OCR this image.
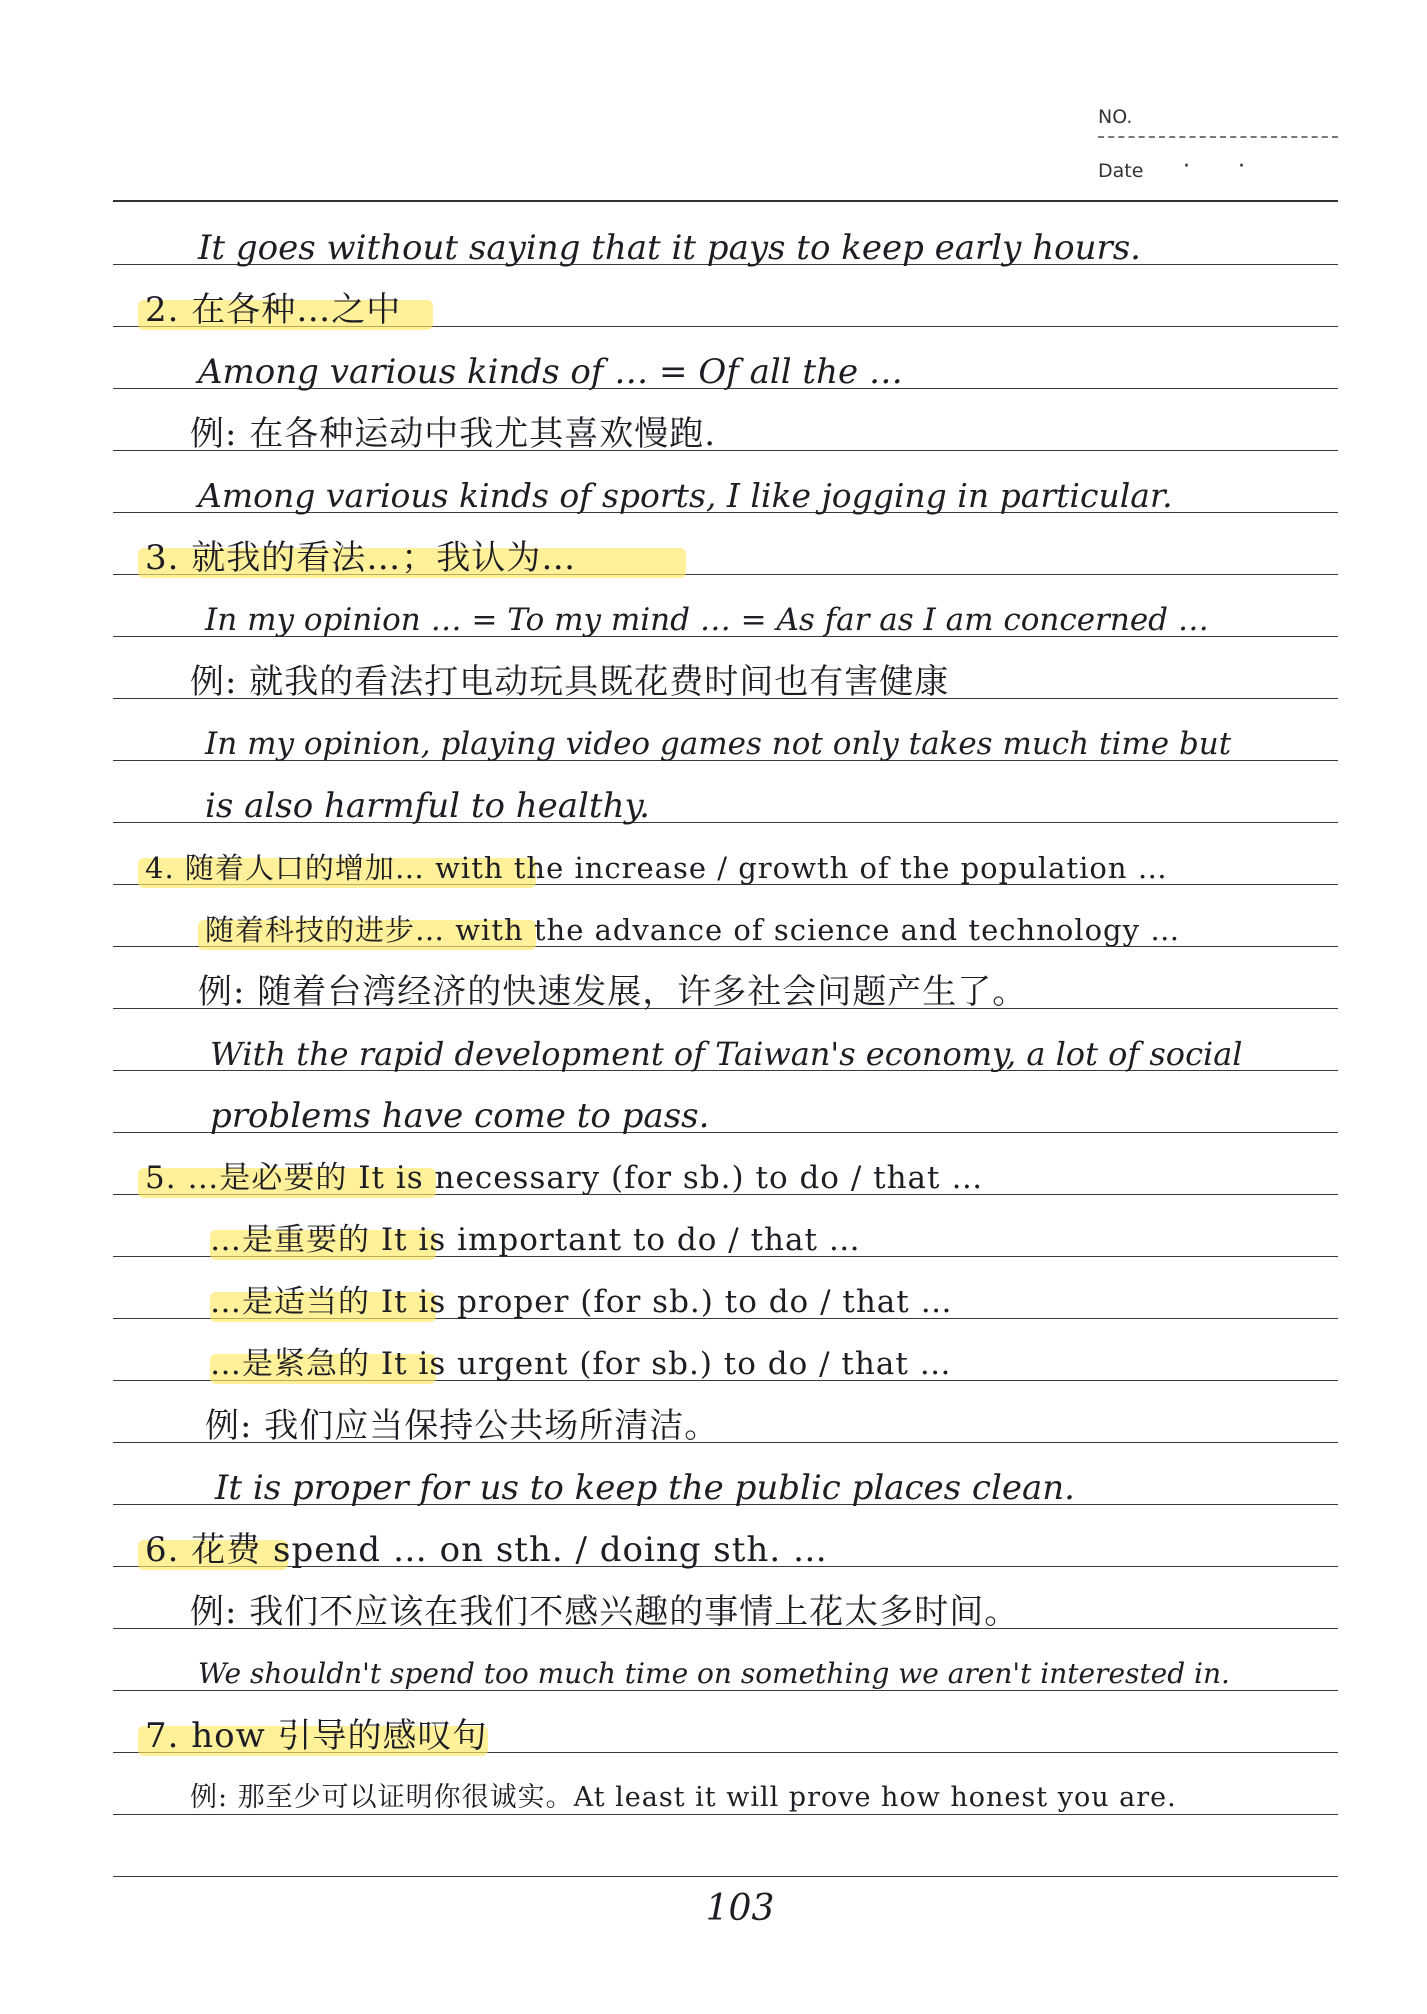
NO.
Date ··
It goes without saying that it pays to keep early hours.
2. 在各种…之中
Among various kinds of … = Of all the …
例: 在各种运动中我尤其喜欢慢跑.
Among various kinds of sports, I like jogging in particular.
3. 就我的看法…；我认为…
In my opinion … = To my mind … = As far as I am concerned …
例: 就我的看法打电动玩具既花费时间也有害健康
In my opinion, playing video games not only takes much time but
is also harmful to healthy.
4. 随着人口的增加… with the increase / growth of the population …
随着科技的进步… with the advance of science and technology …
例: 随着台湾经济的快速发展，许多社会问题产生了。
With the rapid development of Taiwan's economy, a lot of social
problems have come to pass.
5. …是必要的 It is necessary (for sb.) to do / that …
…是重要的 It is important to do / that …
…是适当的 It is proper (for sb.) to do / that …
…是紧急的 It is urgent (for sb.) to do / that …
例: 我们应当保持公共场所清洁。
It is proper for us to keep the public places clean.
6. 花费 spend … on sth. / doing sth. …
例: 我们不应该在我们不感兴趣的事情上花太多时间。
We shouldn't spend too much time on something we aren't interested in.
7. how 引导的感叹句
例: 那至少可以证明你很诚实。At least it will prove how honest you are.
103
